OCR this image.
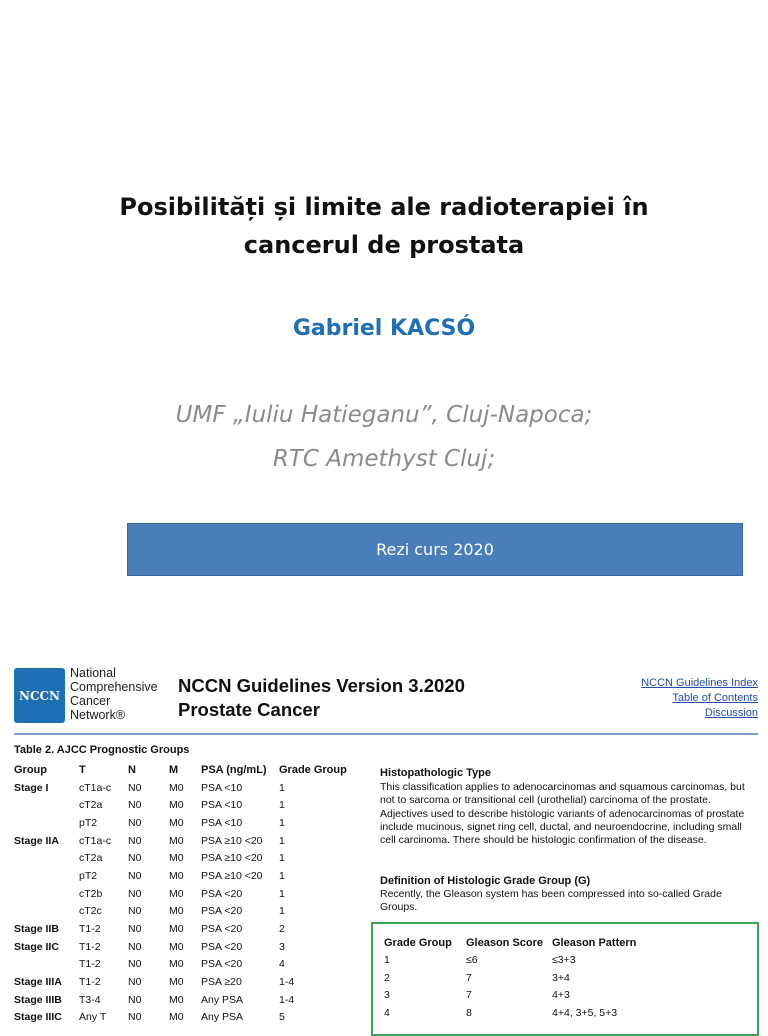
Posibilități și limite ale radioterapiei în
cancerul de prostata
Gabriel KACSÓ
UMF „Iuliu Hatieganu”, Cluj-Napoca;
RTC Amethyst Cluj;
Rezi curs 2020
NCCN
National
Comprehensive
Cancer
Network®
NCCN Guidelines Version 3.2020
Prostate Cancer
NCCN Guidelines Index
Table of Contents
Discussion
Table 2. AJCC Prognostic Groups
Group	T	N	M	PSA (ng/mL)	Grade Group
Stage I	cT1a-c	N0	M0	PSA <10	1
	cT2a	N0	M0	PSA <10	1
	pT2	N0	M0	PSA <10	1
Stage IIA	cT1a-c	N0	M0	PSA ≥10 <20	1
	cT2a	N0	M0	PSA ≥10 <20	1
	pT2	N0	M0	PSA ≥10 <20	1
	cT2b	N0	M0	PSA <20	1
	cT2c	N0	M0	PSA <20	1
Stage IIB	T1-2	N0	M0	PSA <20	2
Stage IIC	T1-2	N0	M0	PSA <20	3
	T1-2	N0	M0	PSA <20	4
Stage IIIA	T1-2	N0	M0	PSA ≥20	1-4
Stage IIIB	T3-4	N0	M0	Any PSA	1-4
Stage IIIC	Any T	N0	M0	Any PSA	5
Histopathologic Type
This classification applies to adenocarcinomas and squamous carcinomas, but not to sarcoma or transitional cell (urothelial) carcinoma of the prostate. Adjectives used to describe histologic variants of adenocarcinomas of prostate include mucinous, signet ring cell, ductal, and neuroendocrine, including small cell carcinoma. There should be histologic confirmation of the disease.
Definition of Histologic Grade Group (G)
Recently, the Gleason system has been compressed into so-called Grade Groups.
Grade Group	Gleason Score	Gleason Pattern
1	≤6	≤3+3
2	7	3+4
3	7	4+3
4	8	4+4, 3+5, 5+3
